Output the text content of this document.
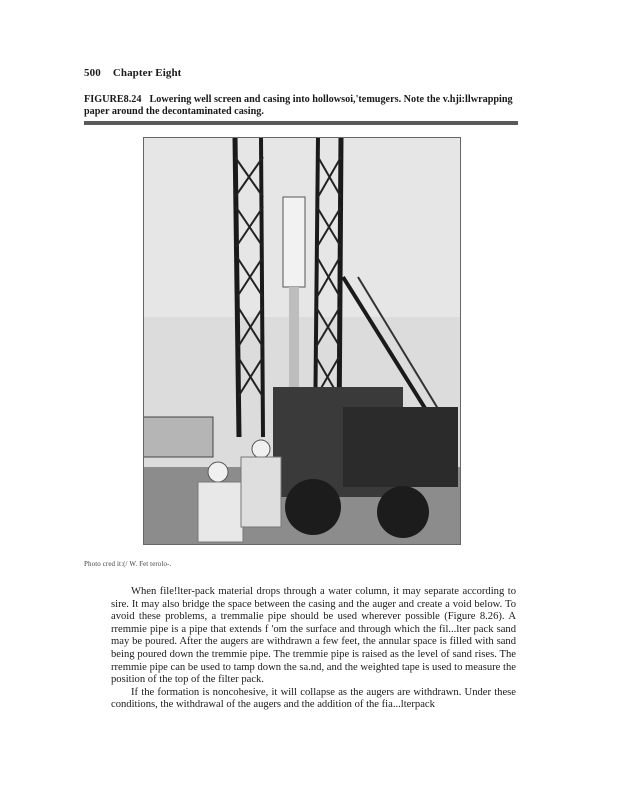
500 Chapter Eight
FIGURE8.24 Lowering well screen and casing into hollowsoi,'temugers. Note the v.hji:llwrapping paper around the decontaminated casing.
Photo cred it:(/ W. Fet terolo-.

When file!lter-pack material drops through a water column, it may separate according to sire. It may also bridge the space between the casing and the auger and create a void below. To avoid these problems, a tremmalie pipe should be used wherever possible (Figure 8.26). A rremmie pipe is a pipe that extends f 'om the surface and through which the fil...lter pack sand may be poured. After the augers are withdrawn a few feet, the annular space is filled with sand being poured down the tremmie pipe. The tremmie pipe is raised as the level of sand rises. The rremmie pipe can be used to tamp down the sa.nd, and the weighted tape is used to measure the position of the top of the filter pack.

If the formation is noncohesive, it will collapse as the augers are withdrawn. Under these conditions, the withdrawal of the augers and the addition of the fia...lterpack
